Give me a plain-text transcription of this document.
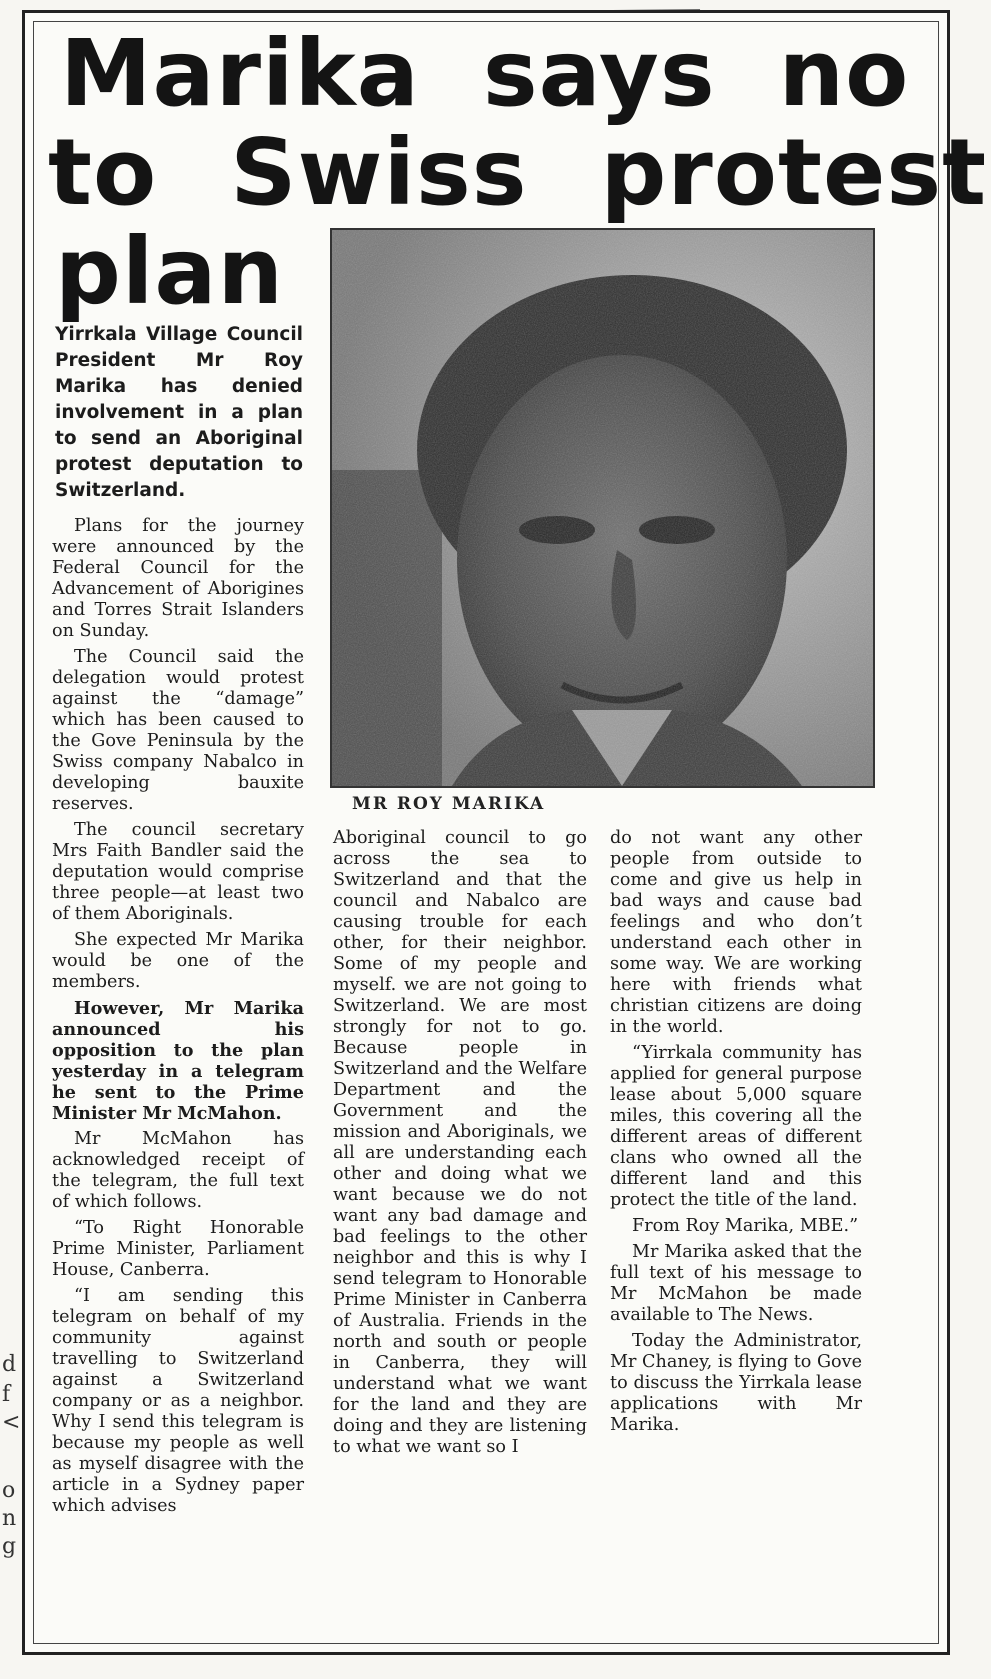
d
f
<
o
n
g
Marika says no
to Swiss protest
plan
MR ROY MARIKA
Yirrkala Village Council President Mr Roy Marika has denied involvement in a plan to send an Aboriginal protest deputation to Switzerland.

Plans for the journey were announced by the Federal Council for the Advancement of Aborigines and Torres Strait Islanders on Sunday.

The Council said the delegation would protest against the “damage” which has been caused to the Gove Peninsula by the Swiss company Nabalco in developing bauxite reserves.

The council secretary Mrs Faith Bandler said the deputation would comprise three people—at least two of them Aboriginals.

She expected Mr Marika would be one of the members.

However, Mr Marika announced his opposition to the plan yesterday in a telegram he sent to the Prime Minister Mr McMahon.

Mr McMahon has acknowledged receipt of the telegram, the full text of which follows.

“To Right Honorable Prime Minister, Parliament House, Canberra.

“I am sending this telegram on behalf of my community against travelling to Switzerland against a Switzerland company or as a neighbor. Why I send this telegram is because my people as well as myself disagree with the article in a Sydney paper which advises

Aboriginal council to go across the sea to Switzerland and that the council and Nabalco are causing trouble for each other, for their neighbor. Some of my people and myself. we are not going to Switzerland. We are most strongly for not to go. Because people in Switzerland and the Welfare Department and the Government and the mission and Aboriginals, we all are understanding each other and doing what we want because we do not want any bad damage and bad feelings to the other neighbor and this is why I send telegram to Honorable Prime Minister in Canberra of Australia. Friends in the north and south or people in Canberra, they will understand what we want for the land and they are doing and they are listening to what we want so I

do not want any other people from outside to come and give us help in bad ways and cause bad feelings and who don’t understand each other in some way. We are working here with friends what christian citizens are doing in the world.

“Yirrkala community has applied for general purpose lease about 5,000 square miles, this covering all the different areas of different clans who owned all the different land and this protect the title of the land.

From Roy Marika, MBE.”

Mr Marika asked that the full text of his message to Mr McMahon be made available to The News.

Today the Administrator, Mr Chaney, is flying to Gove to discuss the Yirrkala lease applications with Mr Marika.
